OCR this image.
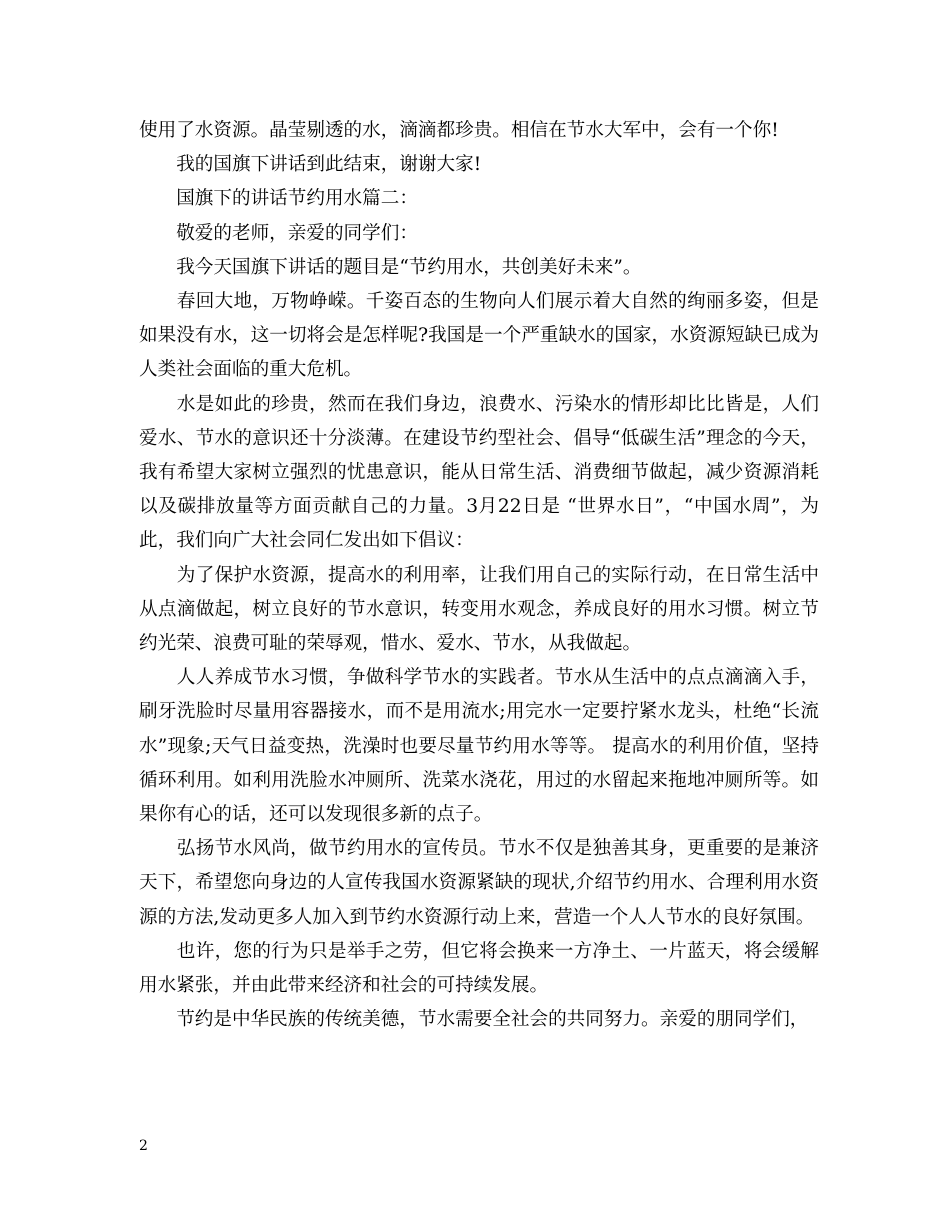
使用了水资源。晶莹剔透的水，滴滴都珍贵。相信在节水大军中，会有一个你!

　　我的国旗下讲话到此结束，谢谢大家!

　　国旗下的讲话节约用水篇二：

　　敬爱的老师，亲爱的同学们：

　　我今天国旗下讲话的题目是“节约用水，共创美好未来”。

　　春回大地，万物峥嵘。千姿百态的生物向人们展示着大自然的绚丽多姿，但是如果没有水，这一切将会是怎样呢?我国是一个严重缺水的国家，水资源短缺已成为人类社会面临的重大危机。

　　水是如此的珍贵，然而在我们身边，浪费水、污染水的情形却比比皆是，人们爱水、节水的意识还十分淡薄。在建设节约型社会、倡导“低碳生活”理念的今天，我有希望大家树立强烈的忧患意识，能从日常生活、消费细节做起，减少资源消耗以及碳排放量等方面贡献自己的力量。3月22日是 “世界水日”，“中国水周”，为此，我们向广大社会同仁发出如下倡议：

　　为了保护水资源，提高水的利用率，让我们用自己的实际行动，在日常生活中从点滴做起，树立良好的节水意识，转变用水观念，养成良好的用水习惯。树立节约光荣、浪费可耻的荣辱观，惜水、爱水、节水，从我做起。

　　人人养成节水习惯，争做科学节水的实践者。节水从生活中的点点滴滴入手，刷牙洗脸时尽量用容器接水，而不是用流水;用完水一定要拧紧水龙头，杜绝“长流水”现象;天气日益变热，洗澡时也要尽量节约用水等等。 提高水的利用价值，坚持循环利用。如利用洗脸水冲厕所、洗菜水浇花，用过的水留起来拖地冲厕所等。如果你有心的话，还可以发现很多新的点子。

　　弘扬节水风尚，做节约用水的宣传员。节水不仅是独善其身，更重要的是兼济天下，希望您向身边的人宣传我国水资源紧缺的现状,介绍节约用水、合理利用水资源的方法,发动更多人加入到节约水资源行动上来，营造一个人人节水的良好氛围。

　　也许，您的行为只是举手之劳，但它将会换来一方净土、一片蓝天，将会缓解用水紧张，并由此带来经济和社会的可持续发展。

　　节约是中华民族的传统美德，节水需要全社会的共同努力。亲爱的朋同学们，

2
